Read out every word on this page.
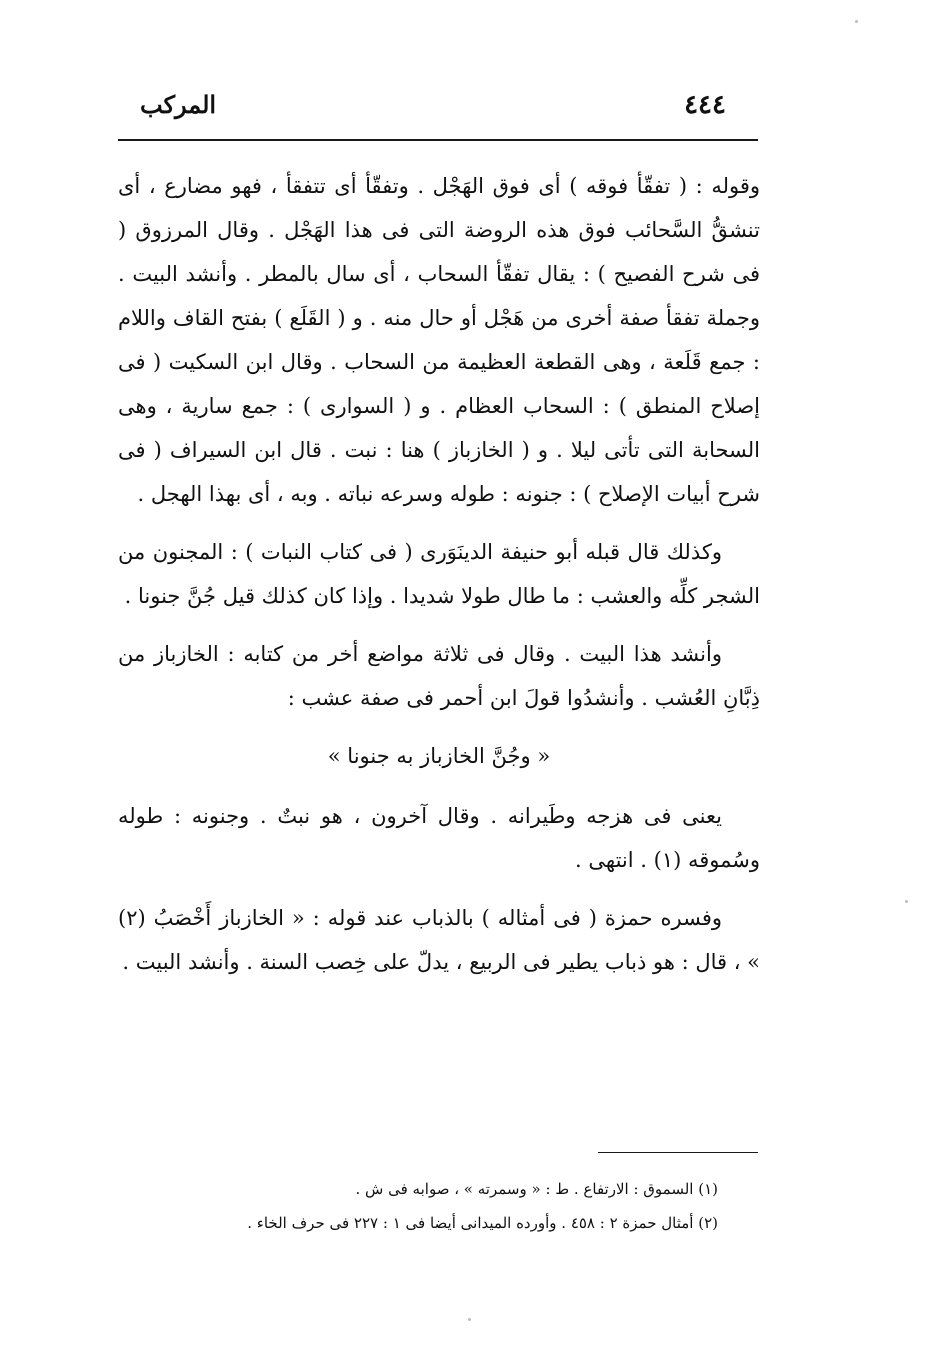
٤٤٤
المركب

وقوله : ( تفقّأ فوقه ) أى فوق الهَجْل . وتفقّأ أى تتفقأ ، فهو مضارع ، أى تنشقُّ السَّحائب فوق هذه الروضة التى فى هذا الهَجْل . وقال المرزوق ( فى شرح الفصيح ) : يقال تفقّأ السحاب ، أى سال بالمطر . وأنشد البيت . وجملة تفقأ صفة أخرى من هَجْل أو حال منه . و ( القَلَع ) بفتح القاف واللام : جمع قَلَعة ، وهى القطعة العظيمة من السحاب . وقال ابن السكيت ( فى إصلاح المنطق ) : السحاب العظام . و ( السوارى ) : جمع سارية ، وهى السحابة التى تأتى ليلا . و ( الخازباز ) هنا : نبت . قال ابن السيراف ( فى شرح أبيات الإصلاح ) : جنونه : طوله وسرعه نباته . وبه ، أى بهذا الهجل .

وكذلك قال قبله أبو حنيفة الدينَوَرى ( فى كتاب النبات ) : المجنون من الشجر كلِّه والعشب : ما طال طولا شديدا . وإذا كان كذلك قيل جُنَّ جنونا .

وأنشد هذا البيت . وقال فى ثلاثة مواضع أخر من كتابه : الخازباز من ذِبَّانِ العُشب . وأنشدُوا قولَ ابن أحمر فى صفة عشب :

« وجُنَّ الخازباز به جنونا »

يعنى فى هزجه وطَيرانه . وقال آخرون ، هو نبتٌ . وجنونه : طوله وسُموقه (١) . انتهى .

وفسره حمزة ( فى أمثاله ) بالذباب عند قوله : « الخازباز أَخْصَبُ (٢) » ، قال : هو ذباب يطير فى الربيع ، يدلّ على خِصب السنة . وأنشد البيت .

(١) السموق : الارتفاع . ط : « وسمرته » ، صوابه فى ش .

(٢) أمثال حمزة ٢ : ٤٥٨ . وأورده الميدانى أيضا فى ١ : ٢٢٧ فى حرف الخاء .
